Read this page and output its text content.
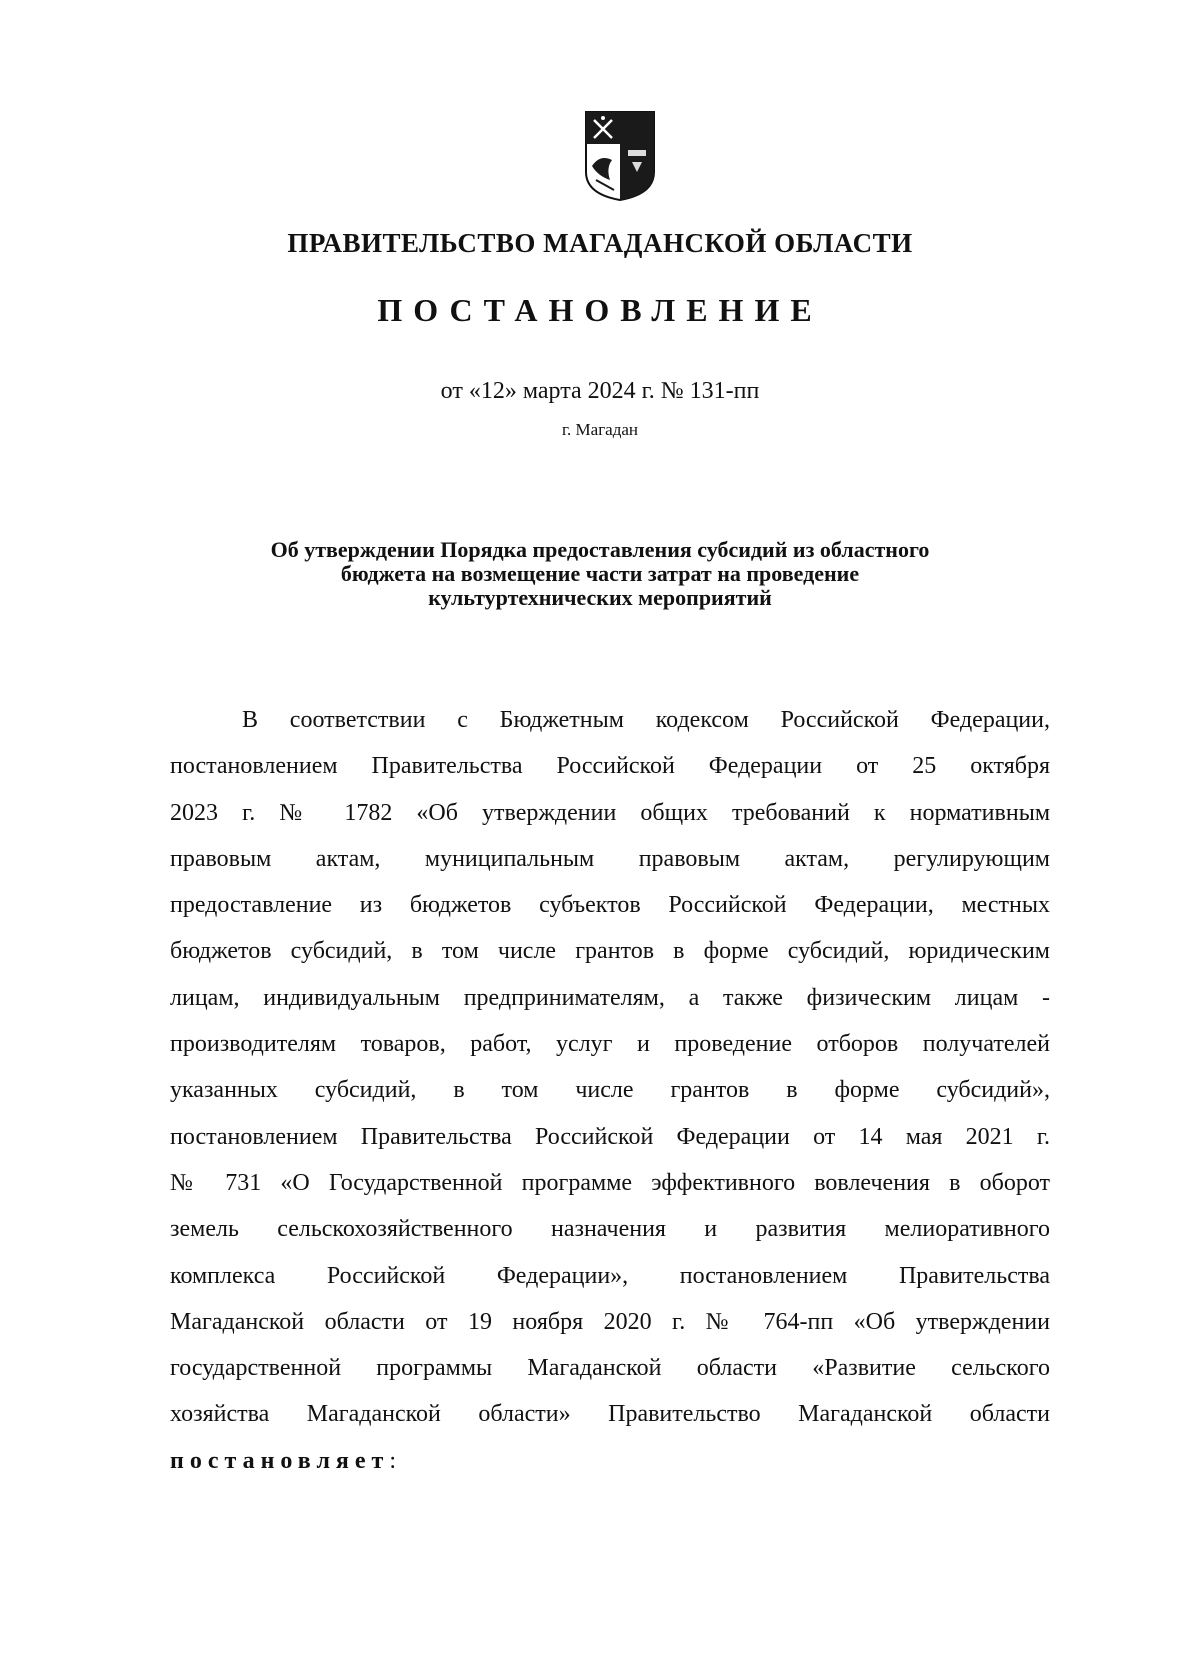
ПРАВИТЕЛЬСТВО МАГАДАНСКОЙ ОБЛАСТИ
ПОСТАНОВЛЕНИЕ

от «12» марта 2024 г. № 131-пп

г. Магадан

Об утверждении Порядка предоставления субсидий из областного
бюджета на возмещение части затрат на проведение
культуртехнических мероприятий
В соответствии с Бюджетным кодексом Российской Федерации,
постановлением Правительства Российской Федерации от 25 октября
2023 г. № 1782 «Об утверждении общих требований к нормативным
правовым актам, муниципальным правовым актам, регулирующим
предоставление из бюджетов субъектов Российской Федерации, местных
бюджетов субсидий, в том числе грантов в форме субсидий, юридическим
лицам, индивидуальным предпринимателям, а также физическим лицам -
производителям товаров, работ, услуг и проведение отборов получателей
указанных субсидий, в том числе грантов в форме субсидий»,
постановлением Правительства Российской Федерации от 14 мая 2021 г.
№ 731 «О Государственной программе эффективного вовлечения в оборот
земель сельскохозяйственного назначения и развития мелиоративного
комплекса Российской Федерации», постановлением Правительства
Магаданской области от 19 ноября 2020 г. № 764-пп «Об утверждении
государственной программы Магаданской области «Развитие сельского
хозяйства Магаданской области» Правительство Магаданской области
постановляет:
